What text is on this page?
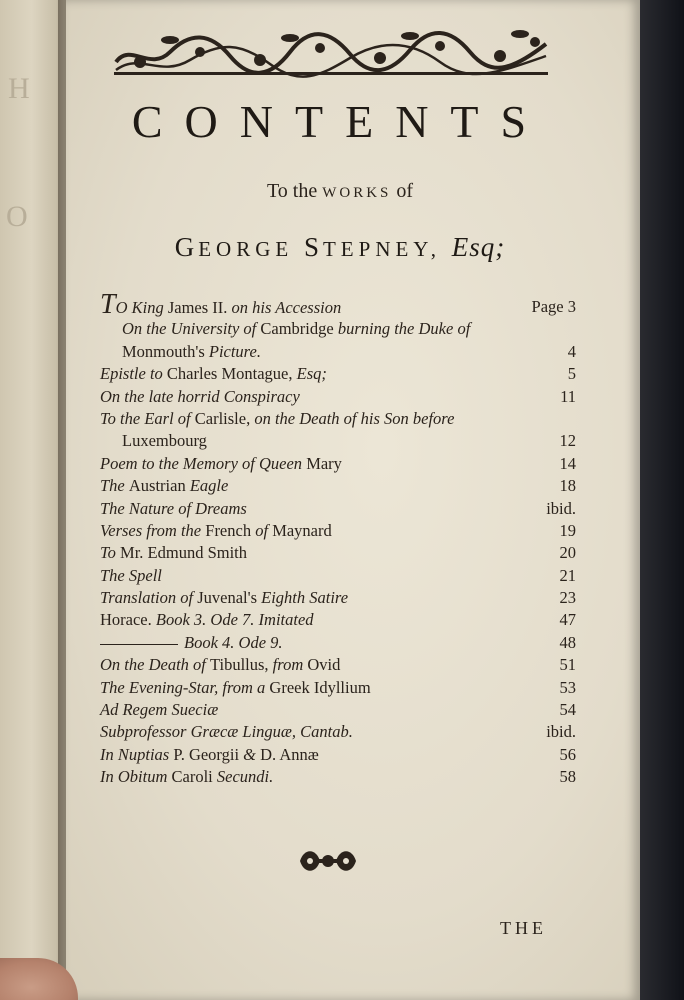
H
O
CONTENTS
To the WORKS of
GEORGE STEPNEY, Esq;
TO King James II. on his Accession	Page 3
On the University of Cambridge burning the Duke of
Monmouth's Picture.	4
Epistle to Charles Montague, Esq;	5
On the late horrid Conspiracy	11
To the Earl of Carlisle, on the Death of his Son before
Luxembourg	12
Poem to the Memory of Queen Mary	14
The Austrian Eagle	18
The Nature of Dreams	ibid.
Verses from the French of Maynard	19
To Mr. Edmund Smith	20
The Spell	21
Translation of Juvenal's Eighth Satire	23
Horace. Book 3. Ode 7. Imitated	47
Book 4. Ode 9.	48
On the Death of Tibullus, from Ovid	51
The Evening-Star, from a Greek Idyllium	53
Ad Regem Sueciæ	54
Subprofessor Græcæ Linguæ, Cantab.	ibid.
In Nuptias P. Georgii & D. Annæ	56
In Obitum Caroli Secundi.	58
THE
